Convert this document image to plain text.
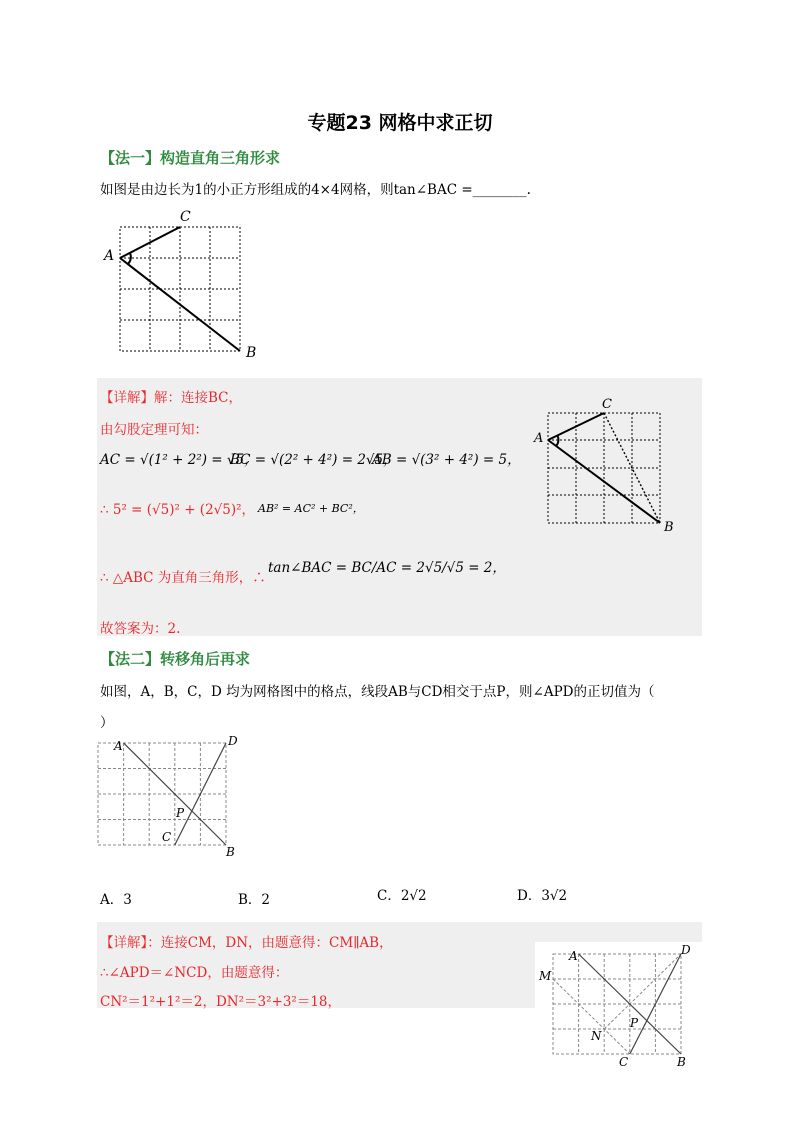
专题23 网格中求正切
【法一】构造直角三角形求
如图是由边长为1的小正方形组成的4×4网格，则tan∠BAC =________.
A
C
B
【详解】解：连接BC，
由勾股定理可知：
AC = √(1² + 2²) = √5，
BC = √(2² + 4²) = 2√5，
AB = √(3² + 4²) = 5，
∴ 5² = (√5)² + (2√5)²， AB² = AC² + BC²，
∴ △ABC 为直角三角形，∴
tan∠BAC = BC/AC = 2√5/√5 = 2，
故答案为：2.
A
C
B
【法二】转移角后再求
如图，A，B，C，D 均为网格图中的格点，线段AB与CD相交于点P，则∠APD的正切值为（
）
A	D
P
C
B
A．3	B．2	C．2√2	D．3√2
【详解】：连接CM，DN，由题意得：CM∥AB，
∴∠APD＝∠NCD，由题意得：
CN²＝1²+1²＝2，DN²＝3²+3²＝18，
M
A	D
P
N
C	B
